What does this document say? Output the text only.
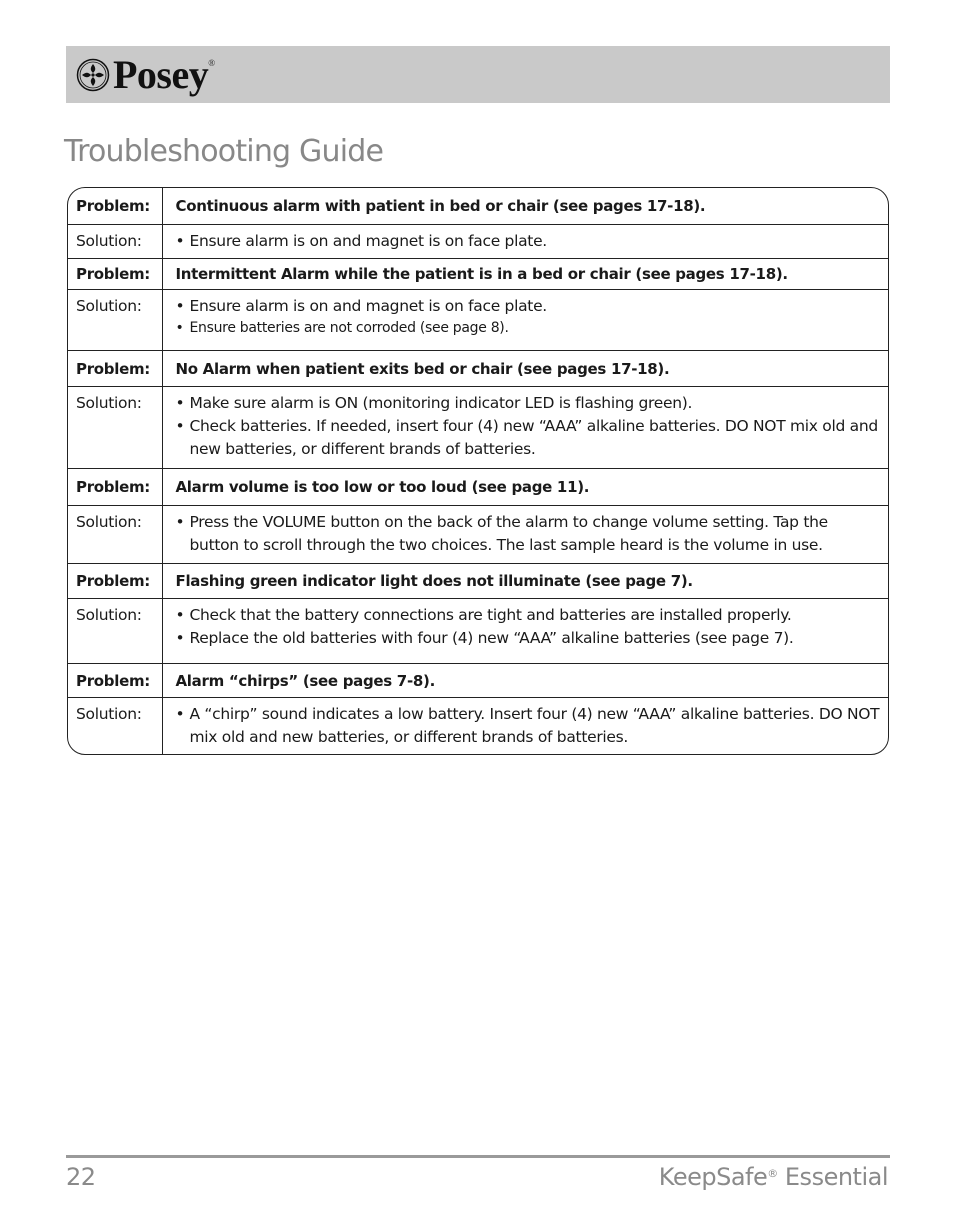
Posey ®
Troubleshooting Guide
Problem:	Continuous alarm with patient in bed or chair (see pages 17-18).
Solution:	• Ensure alarm is on and magnet is on face plate.

Problem:	Intermittent Alarm while the patient is in a bed or chair (see pages 17-18).
Solution:	• Ensure alarm is on and magnet is on face plate.
• Ensure batteries are not corroded (see page 8).

Problem:	No Alarm when patient exits bed or chair (see pages 17-18).
Solution:	• Make sure alarm is ON (monitoring indicator LED is flashing green).
• Check batteries. If needed, insert four (4) new “AAA” alkaline batteries. DO NOT mix old and new batteries, or different brands of batteries.

Problem:	Alarm volume is too low or too loud (see page 11).
Solution:	• Press the VOLUME button on the back of the alarm to change volume setting. Tap the button to scroll through the two choices. The last sample heard is the volume in use.

Problem:	Flashing green indicator light does not illuminate (see page 7).
Solution:	• Check that the battery connections are tight and batteries are installed properly.
• Replace the old batteries with four (4) new “AAA” alkaline batteries (see page 7).

Problem:	Alarm “chirps” (see pages 7-8).
Solution:	• A “chirp” sound indicates a low battery. Insert four (4) new “AAA” alkaline batteries. DO NOT mix old and new batteries, or different brands of batteries.
22	KeepSafe® Essential
